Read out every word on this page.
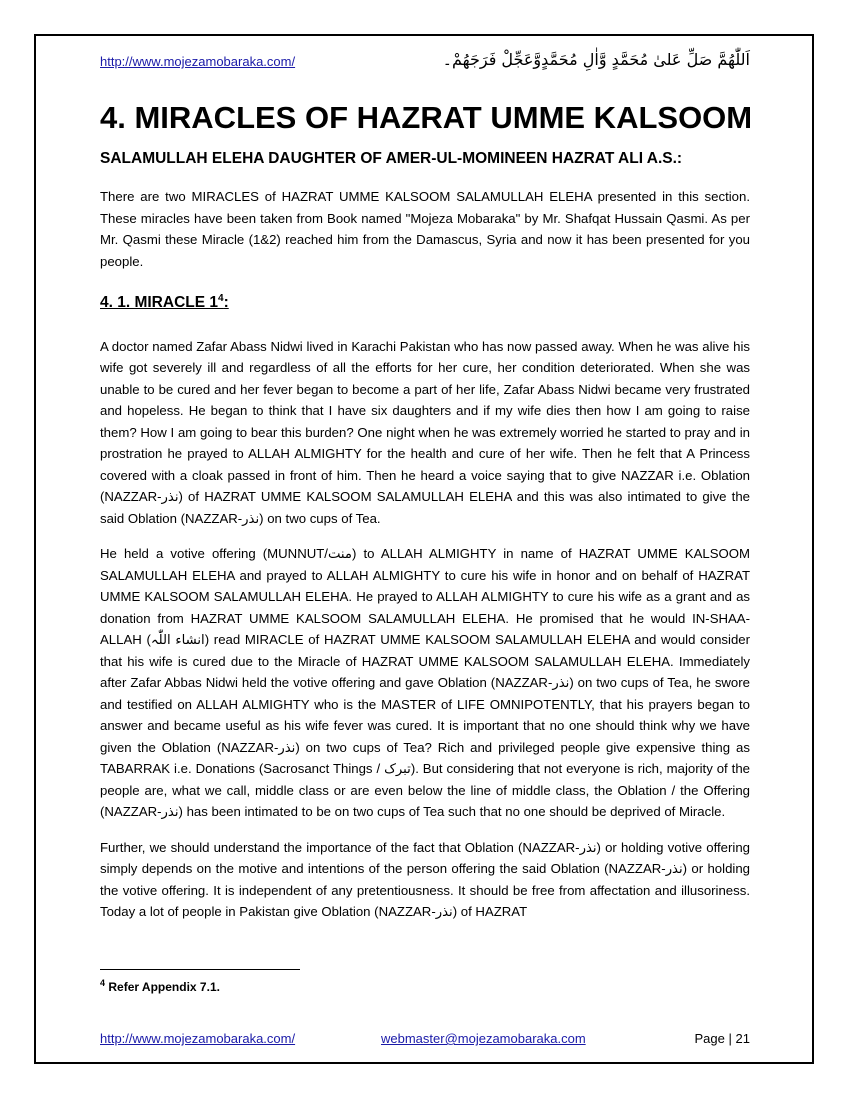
http://www.mojezamobaraka.com/	اَللّٰھُمَّ صَلِّ عَلیٰ مُحَمَّدٍ وَّاٰلِ مُحَمَّدٍوَّعَجِّلْ فَرَجَھُمْ۔
4. MIRACLES OF HAZRAT UMME KALSOOM
SALAMULLAH ELEHA DAUGHTER OF AMER-UL-MOMINEEN HAZRAT ALI A.S.:

There are two MIRACLES of HAZRAT UMME KALSOOM SALAMULLAH ELEHA presented in this section. These miracles have been taken from Book named "Mojeza Mobaraka" by Mr. Shafqat Hussain Qasmi. As per Mr. Qasmi these Miracle (1&2) reached him from the Damascus, Syria and now it has been presented for you people.

4. 1. MIRACLE $1^4$:

A doctor named Zafar Abass Nidwi lived in Karachi Pakistan who has now passed away. When he was alive his wife got severely ill and regardless of all the efforts for her cure, her condition deteriorated. When she was unable to be cured and her fever began to become a part of her life, Zafar Abass Nidwi became very frustrated and hopeless. He began to think that I have six daughters and if my wife dies then how I am going to raise them? How I am going to bear this burden? One night when he was extremely worried he started to pray and in prostration he prayed to ALLAH ALMIGHTY for the health and cure of her wife. Then he felt that A Princess covered with a cloak passed in front of him. Then he heard a voice saying that to give NAZZAR i.e. Oblation (NAZZAR-نذر) of HAZRAT UMME KALSOOM SALAMULLAH ELEHA and this was also intimated to give the said Oblation (NAZZAR-نذر) on two cups of Tea.

He held a votive offering (MUNNUT/منت) to ALLAH ALMIGHTY in name of HAZRAT UMME KALSOOM SALAMULLAH ELEHA and prayed to ALLAH ALMIGHTY to cure his wife in honor and on behalf of HAZRAT UMME KALSOOM SALAMULLAH ELEHA. He prayed to ALLAH ALMIGHTY to cure his wife as a grant and as donation from HAZRAT UMME KALSOOM SALAMULLAH ELEHA. He promised that he would IN-SHAA-ALLAH (انشاء اللّٰہ) read MIRACLE of HAZRAT UMME KALSOOM SALAMULLAH ELEHA and would consider that his wife is cured due to the Miracle of HAZRAT UMME KALSOOM SALAMULLAH ELEHA. Immediately after Zafar Abbas Nidwi held the votive offering and gave Oblation (NAZZAR-نذر) on two cups of Tea, he swore and testified on ALLAH ALMIGHTY who is the MASTER of LIFE OMNIPOTENTLY, that his prayers began to answer and became useful as his wife fever was cured. It is important that no one should think why we have given the Oblation (NAZZAR-نذر) on two cups of Tea? Rich and privileged people give expensive thing as TABARRAK i.e. Donations (Sacrosanct Things / تبرک). But considering that not everyone is rich, majority of the people are, what we call, middle class or are even below the line of middle class, the Oblation / the Offering (NAZZAR-نذر) has been intimated to be on two cups of Tea such that no one should be deprived of Miracle.

Further, we should understand the importance of the fact that Oblation (NAZZAR-نذر) or holding votive offering simply depends on the motive and intentions of the person offering the said Oblation (NAZZAR-نذر) or holding the votive offering. It is independent of any pretentiousness. It should be free from affectation and illusoriness. Today a lot of people in Pakistan give Oblation (NAZZAR-نذر) of HAZRAT

$^4$ Refer Appendix 7.1.
http://www.mojezamobaraka.com/	webmaster@mojezamobaraka.com	Page | 21
